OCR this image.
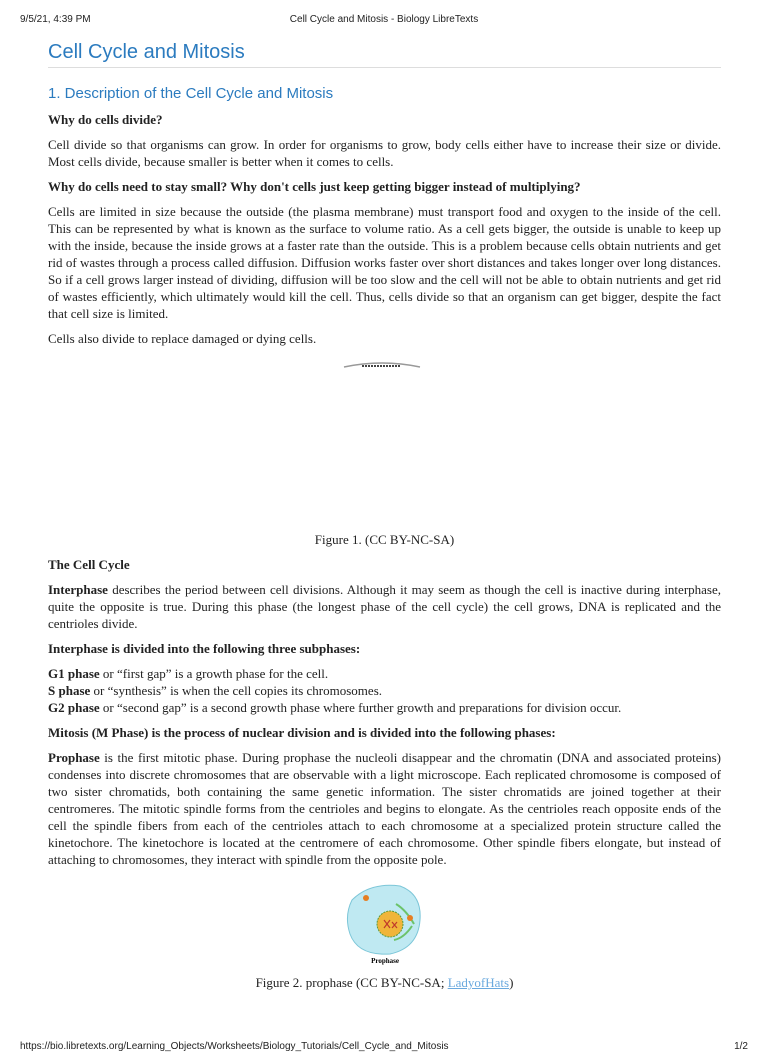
9/5/21, 4:39 PM	Cell Cycle and Mitosis - Biology LibreTexts
Cell Cycle and Mitosis
1. Description of the Cell Cycle and Mitosis
Why do cells divide?
Cell divide so that organisms can grow. In order for organisms to grow, body cells either have to increase their size or divide. Most cells divide, because smaller is better when it comes to cells.
Why do cells need to stay small? Why don't cells just keep getting bigger instead of multiplying?
Cells are limited in size because the outside (the plasma membrane) must transport food and oxygen to the inside of the cell. This can be represented by what is known as the surface to volume ratio. As a cell gets bigger, the outside is unable to keep up with the inside, because the inside grows at a faster rate than the outside. This is a problem because cells obtain nutrients and get rid of wastes through a process called diffusion. Diffusion works faster over short distances and takes longer over long distances. So if a cell grows larger instead of dividing, diffusion will be too slow and the cell will not be able to obtain nutrients and get rid of wastes efficiently, which ultimately would kill the cell. Thus, cells divide so that an organism can get bigger, despite the fact that cell size is limited.
Cells also divide to replace damaged or dying cells.
Figure 1. (CC BY-NC-SA)
The Cell Cycle
Interphase describes the period between cell divisions. Although it may seem as though the cell is inactive during interphase, quite the opposite is true. During this phase (the longest phase of the cell cycle) the cell grows, DNA is replicated and the centrioles divide.
Interphase is divided into the following three subphases:
G1 phase or “first gap” is a growth phase for the cell.
S phase or “synthesis” is when the cell copies its chromosomes.
G2 phase or “second gap” is a second growth phase where further growth and preparations for division occur.
Mitosis (M Phase) is the process of nuclear division and is divided into the following phases:
Prophase is the first mitotic phase. During prophase the nucleoli disappear and the chromatin (DNA and associated proteins) condenses into discrete chromosomes that are observable with a light microscope. Each replicated chromosome is composed of two sister chromatids, both containing the same genetic information. The sister chromatids are joined together at their centromeres. The mitotic spindle forms from the centrioles and begins to elongate. As the centrioles reach opposite ends of the cell the spindle fibers from each of the centrioles attach to each chromosome at a specialized protein structure called the kinetochore. The kinetochore is located at the centromere of each chromosome. Other spindle fibers elongate, but instead of attaching to chromosomes, they interact with spindle from the opposite pole.
Prophase
Figure 2. prophase (CC BY-NC-SA; LadyofHats)
https://bio.libretexts.org/Learning_Objects/Worksheets/Biology_Tutorials/Cell_Cycle_and_Mitosis	1/2
